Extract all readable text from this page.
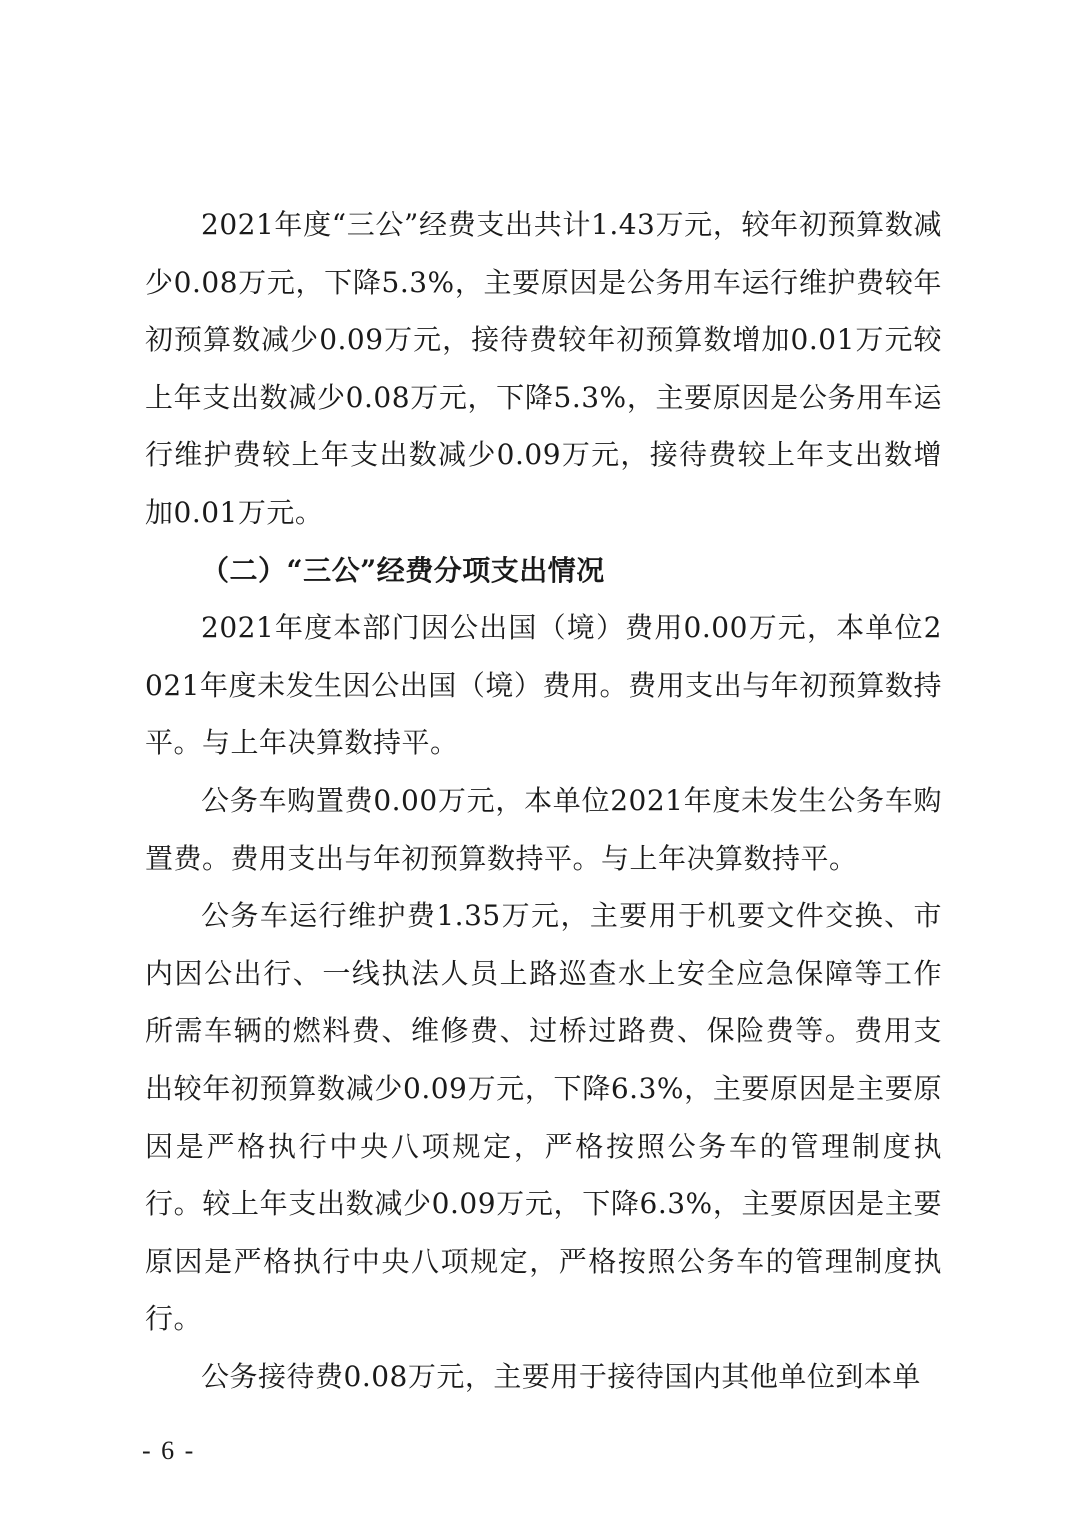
2021年度“三公”经费支出共计1.43万元，较年初预算数减少0.08万元，下降5.3%，主要原因是公务用车运行维护费较年初预算数减少0.09万元，接待费较年初预算数增加0.01万元较上年支出数减少0.08万元，下降5.3%，主要原因是公务用车运行维护费较上年支出数减少0.09万元，接待费较上年支出数增加0.01万元。

（二）“三公”经费分项支出情况

2021年度本部门因公出国（境）费用0.00万元，本单位2021年度未发生因公出国（境）费用。费用支出与年初预算数持平。与上年决算数持平。

公务车购置费0.00万元，本单位2021年度未发生公务车购置费。费用支出与年初预算数持平。与上年决算数持平。

公务车运行维护费1.35万元，主要用于机要文件交换、市内因公出行、一线执法人员上路巡查水上安全应急保障等工作所需车辆的燃料费、维修费、过桥过路费、保险费等。费用支出较年初预算数减少0.09万元，下降6.3%，主要原因是主要原因是严格执行中央八项规定，严格按照公务车的管理制度执行。较上年支出数减少0.09万元，下降6.3%，主要原因是主要原因是严格执行中央八项规定，严格按照公务车的管理制度执行。

公务接待费0.08万元，主要用于接待国内其他单位到本单

- 6 -
